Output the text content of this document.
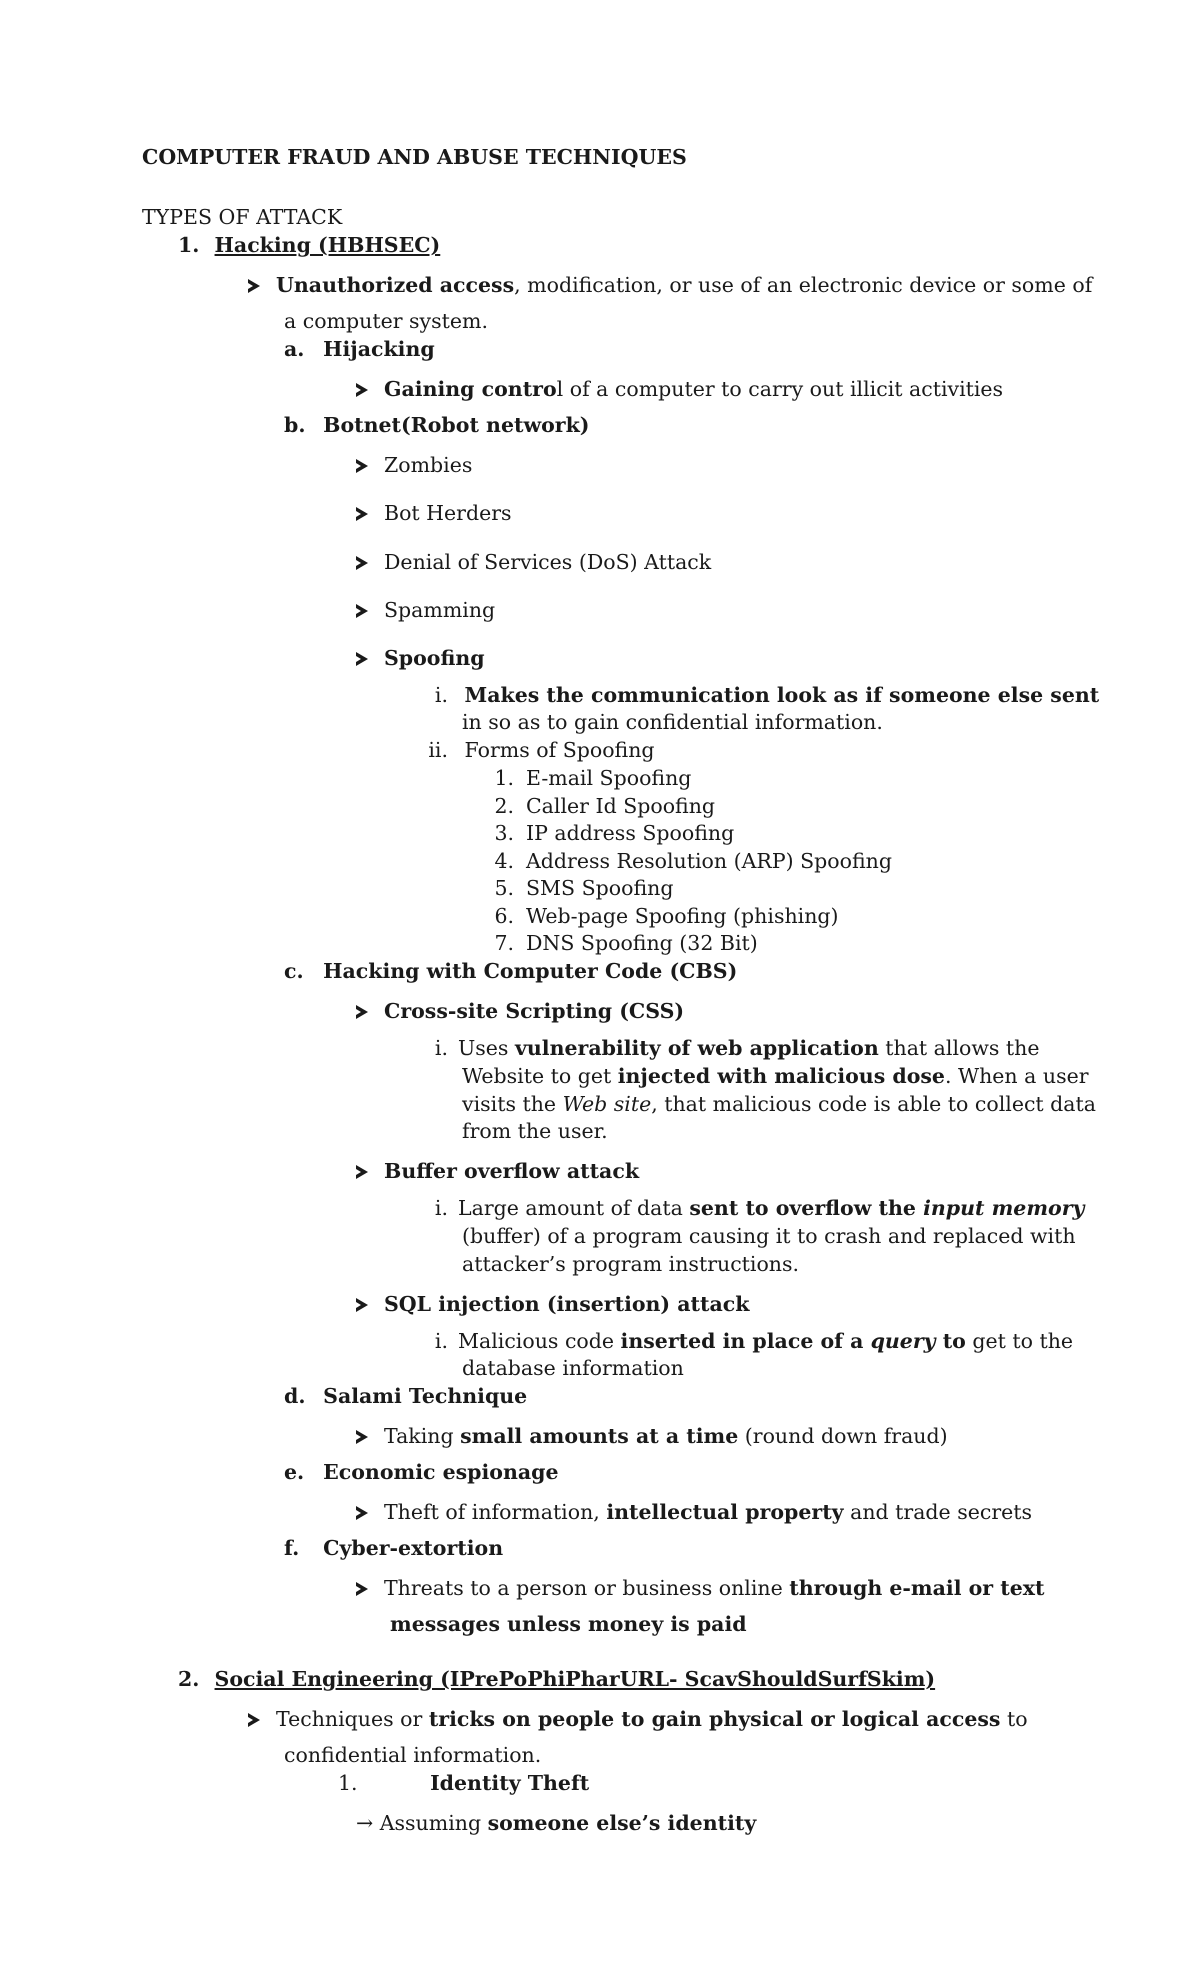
COMPUTER FRAUD AND ABUSE TECHNIQUES
TYPES OF ATTACK
1. Hacking (HBHSEC)
Unauthorized access, modification, or use of an electronic device or some of
a computer system.
a. Hijacking
Gaining control of a computer to carry out illicit activities
b. Botnet(Robot network)
Zombies
Bot Herders
Denial of Services (DoS) Attack
Spamming
Spoofing
i. Makes the communication look as if someone else sent
in so as to gain confidential information.
ii. Forms of Spoofing
1. E-mail Spoofing
2. Caller Id Spoofing
3. IP address Spoofing
4. Address Resolution (ARP) Spoofing
5. SMS Spoofing
6. Web-page Spoofing (phishing)
7. DNS Spoofing (32 Bit)
c. Hacking with Computer Code (CBS)
Cross-site Scripting (CSS)
i. Uses vulnerability of web application that allows the
Website to get injected with malicious dose. When a user
visits the Web site, that malicious code is able to collect data
from the user.
Buffer overflow attack
i. Large amount of data sent to overflow the input memory
(buffer) of a program causing it to crash and replaced with
attacker’s program instructions.
SQL injection (insertion) attack
i. Malicious code inserted in place of a query to get to the
database information
d. Salami Technique
Taking small amounts at a time (round down fraud)
e. Economic espionage
Theft of information, intellectual property and trade secrets
f. Cyber-extortion
Threats to a person or business online through e-mail or text
messages unless money is paid
2. Social Engineering (IPrePoPhiPharURL- ScavShouldSurfSkim)
Techniques or tricks on people to gain physical or logical access to
confidential information.
1.	Identity Theft
→ Assuming someone else’s identity
